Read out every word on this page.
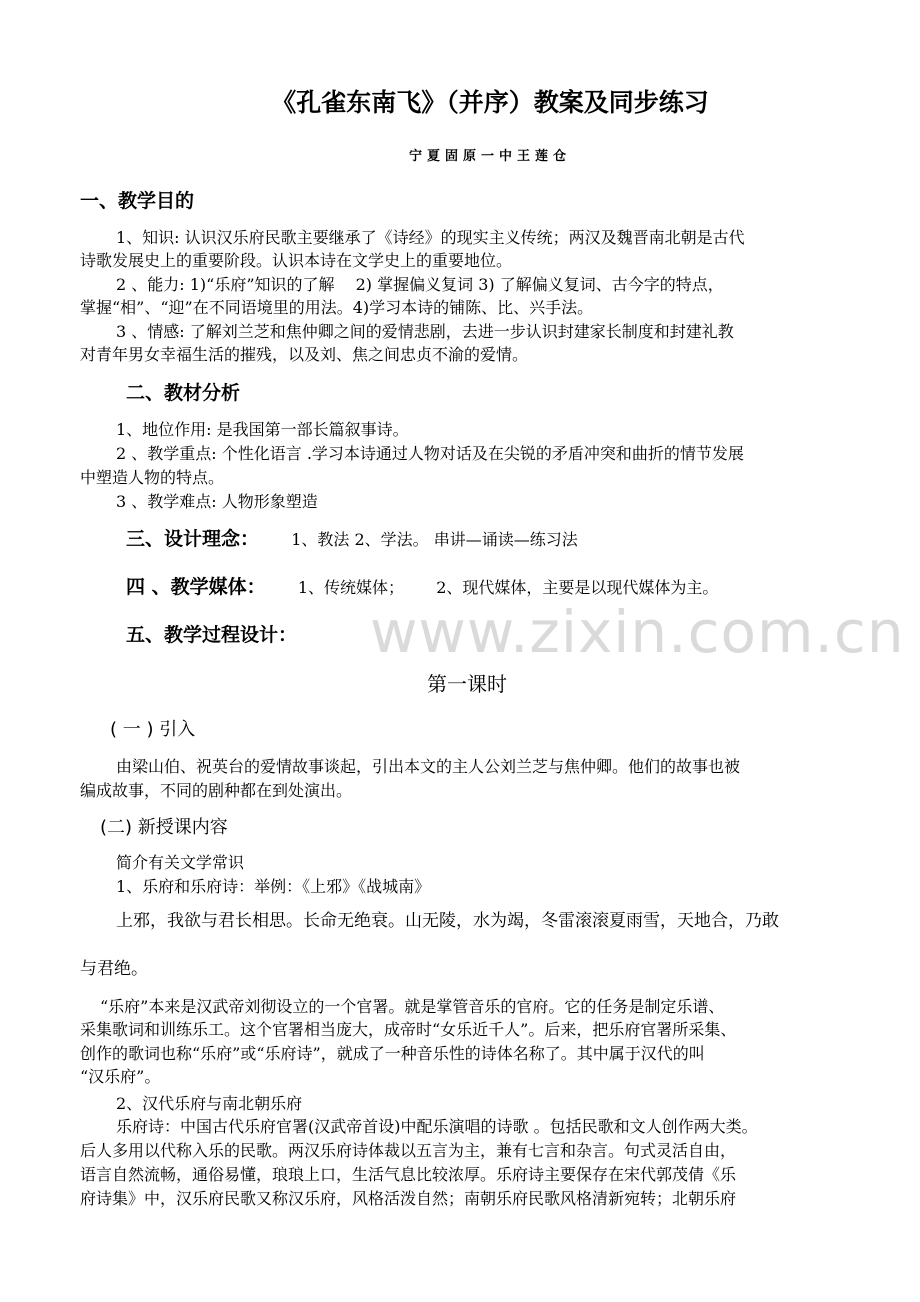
www.zixin.com.cn
《孔雀东南飞》（并序）教案及同步练习
宁夏固原一中王莲仓
一、教学目的
1、知识: 认识汉乐府民歌主要继承了《诗经》的现实主义传统；两汉及魏晋南北朝是古代
诗歌发展史上的重要阶段。认识本诗在文学史上的重要地位。
2 、能力: 1)“乐府”知识的了解　 2) 掌握偏义复词 3) 了解偏义复词、古今字的特点，
掌握“相”、“迎”在不同语境里的用法。4)学习本诗的铺陈、比、兴手法。
3 、情感: 了解刘兰芝和焦仲卿之间的爱情悲剧，去进一步认识封建家长制度和封建礼教
对青年男女幸福生活的摧残，以及刘、焦之间忠贞不渝的爱情。
二、教材分析
1、地位作用: 是我国第一部长篇叙事诗。
2 、教学重点: 个性化语言 .学习本诗通过人物对话及在尖锐的矛盾冲突和曲折的情节发展
中塑造人物的特点。
3 、教学难点: 人物形象塑造
三、设计理念： 1、教法 2、学法。 串讲—诵读—练习法
四 、教学媒体： 1、传统媒体； 2、现代媒体，主要是以现代媒体为主。
五、教学过程设计：
第一课时
( 一 ) 引入
由梁山伯、祝英台的爱情故事谈起，引出本文的主人公刘兰芝与焦仲卿。他们的故事也被
编成故事，不同的剧种都在到处演出。
(二) 新授课内容
简介有关文学常识
1、乐府和乐府诗：举例：《上邪》《战城南》
上邪，我欲与君长相思。长命无绝衰。山无陵，水为竭，冬雷滚滚夏雨雪，天地合，乃敢
与君绝。
“乐府”本来是汉武帝刘彻设立的一个官署。就是掌管音乐的官府。它的任务是制定乐谱、
采集歌词和训练乐工。这个官署相当庞大，成帝时“女乐近千人”。后来，把乐府官署所采集、
创作的歌词也称“乐府”或“乐府诗”，就成了一种音乐性的诗体名称了。其中属于汉代的叫
“汉乐府”。
2、汉代乐府与南北朝乐府
乐府诗：中国古代乐府官署(汉武帝首设)中配乐演唱的诗歌 。包括民歌和文人创作两大类。
后人多用以代称入乐的民歌。两汉乐府诗体裁以五言为主，兼有七言和杂言。句式灵活自由，
语言自然流畅，通俗易懂，琅琅上口，生活气息比较浓厚。乐府诗主要保存在宋代郭茂倩《乐
府诗集》中，汉乐府民歌又称汉乐府，风格活泼自然；南朝乐府民歌风格清新宛转；北朝乐府
